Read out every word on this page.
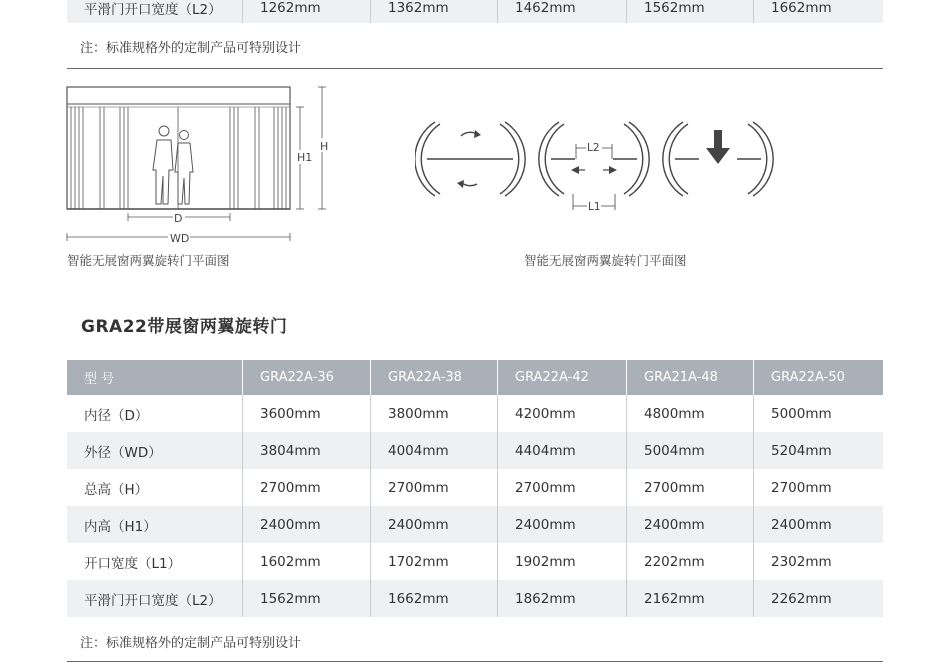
平滑门开口宽度（L2）	1262mm	1362mm	1462mm	1562mm	1662mm
注：标准规格外的定制产品可特别设计
H1
H
D
WD
智能无展窗两翼旋转门平面图
L2
L1
智能无展窗两翼旋转门平面图
GRA22带展窗两翼旋转门
型 号	GRA22A-36	GRA22A-38	GRA22A-42	GRA21A-48	GRA22A-50
内径（D）	3600mm	3800mm	4200mm	4800mm	5000mm
外径（WD）	3804mm	4004mm	4404mm	5004mm	5204mm
总高（H）	2700mm	2700mm	2700mm	2700mm	2700mm
内高（H1）	2400mm	2400mm	2400mm	2400mm	2400mm
开口宽度（L1）	1602mm	1702mm	1902mm	2202mm	2302mm
平滑门开口宽度（L2）	1562mm	1662mm	1862mm	2162mm	2262mm
注：标准规格外的定制产品可特别设计
